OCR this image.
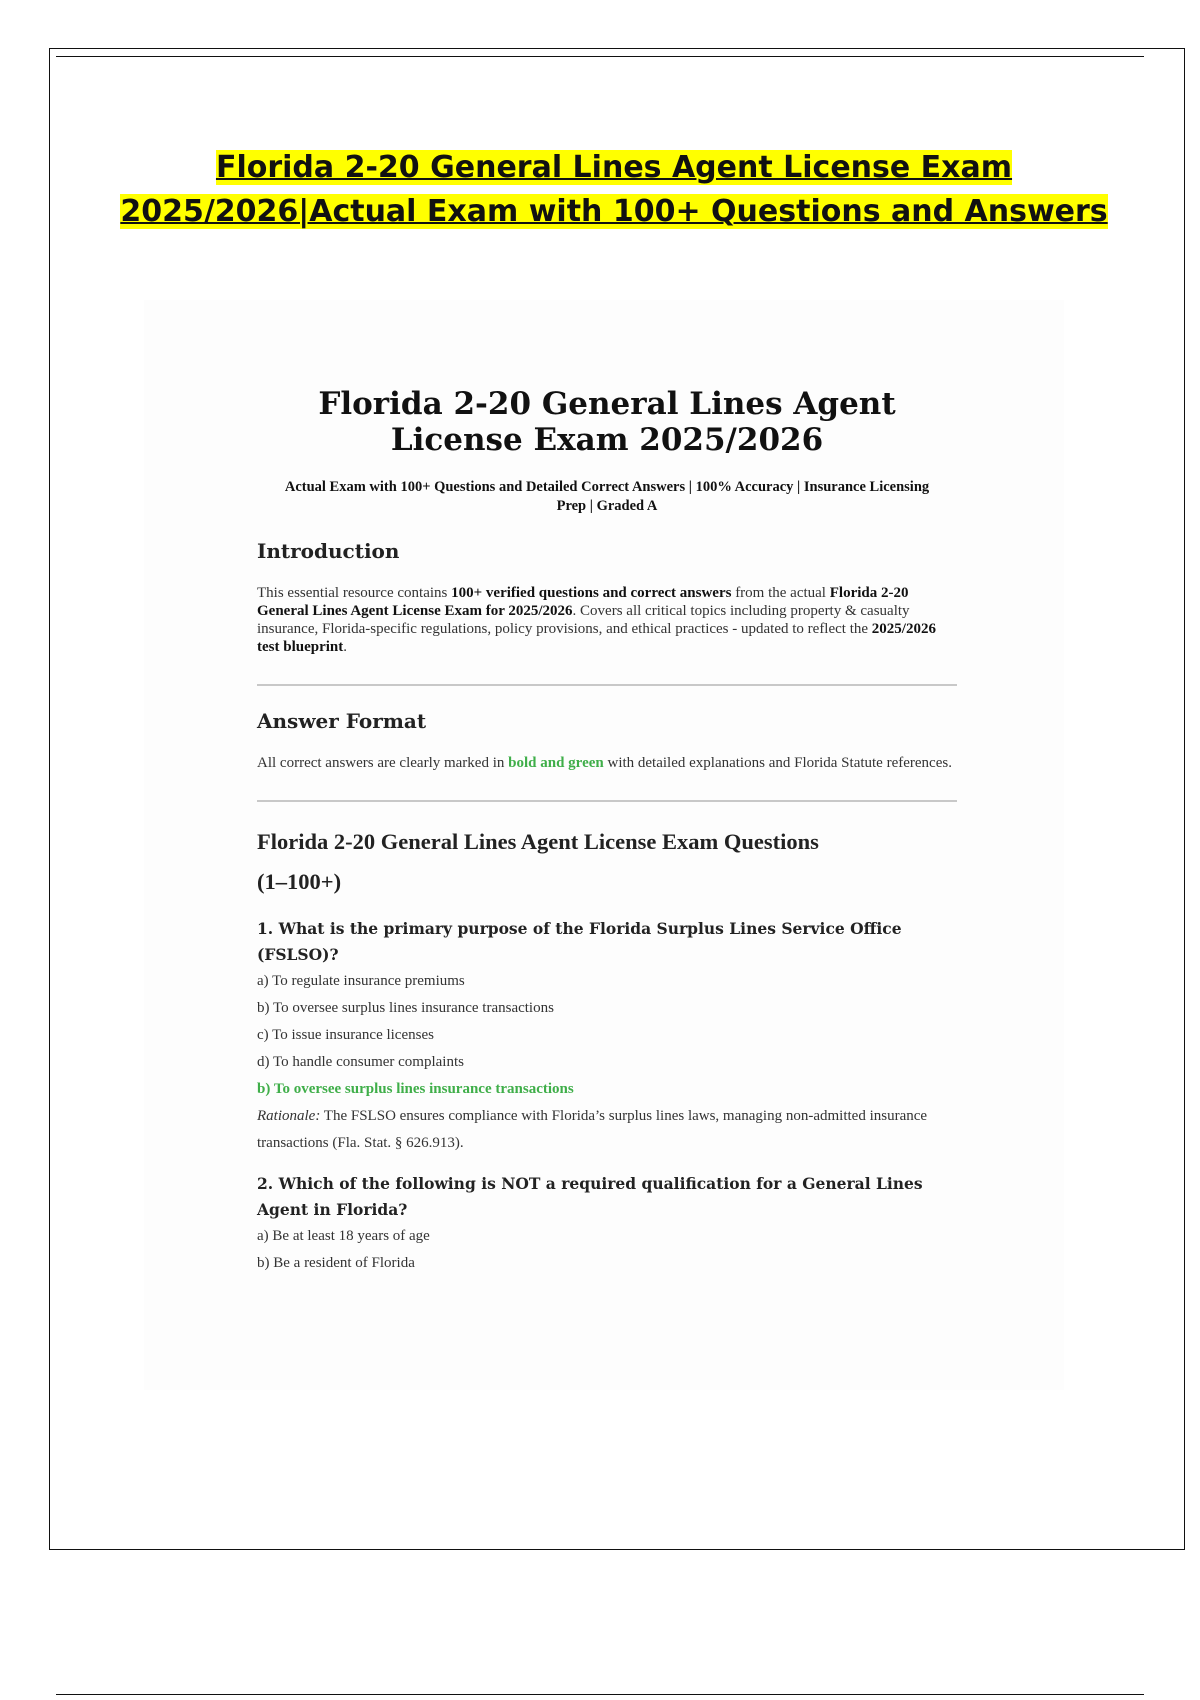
Florida 2-20 General Lines Agent License Exam
2025/2026|Actual Exam with 100+ Questions and Answers
Florida 2-20 General Lines Agent
License Exam 2025/2026

Actual Exam with 100+ Questions and Detailed Correct Answers | 100% Accuracy | Insurance Licensing Prep | Graded A

Introduction

This essential resource contains 100+ verified questions and correct answers from the actual Florida 2-20 General Lines Agent License Exam for 2025/2026. Covers all critical topics including property & casualty insurance, Florida-specific regulations, policy provisions, and ethical practices - updated to reflect the 2025/2026 test blueprint.

Answer Format

All correct answers are clearly marked in bold and green with detailed explanations and Florida Statute references.

Florida 2-20 General Lines Agent License Exam Questions
(1–100+)
1. What is the primary purpose of the Florida Surplus Lines Service Office (FSLSO)?
a) To regulate insurance premiums
b) To oversee surplus lines insurance transactions
c) To issue insurance licenses
d) To handle consumer complaints
b) To oversee surplus lines insurance transactions
Rationale: The FSLSO ensures compliance with Florida’s surplus lines laws, managing non-admitted insurance transactions (Fla. Stat. § 626.913).
2. Which of the following is NOT a required qualification for a General Lines Agent in Florida?
a) Be at least 18 years of age
b) Be a resident of Florida
